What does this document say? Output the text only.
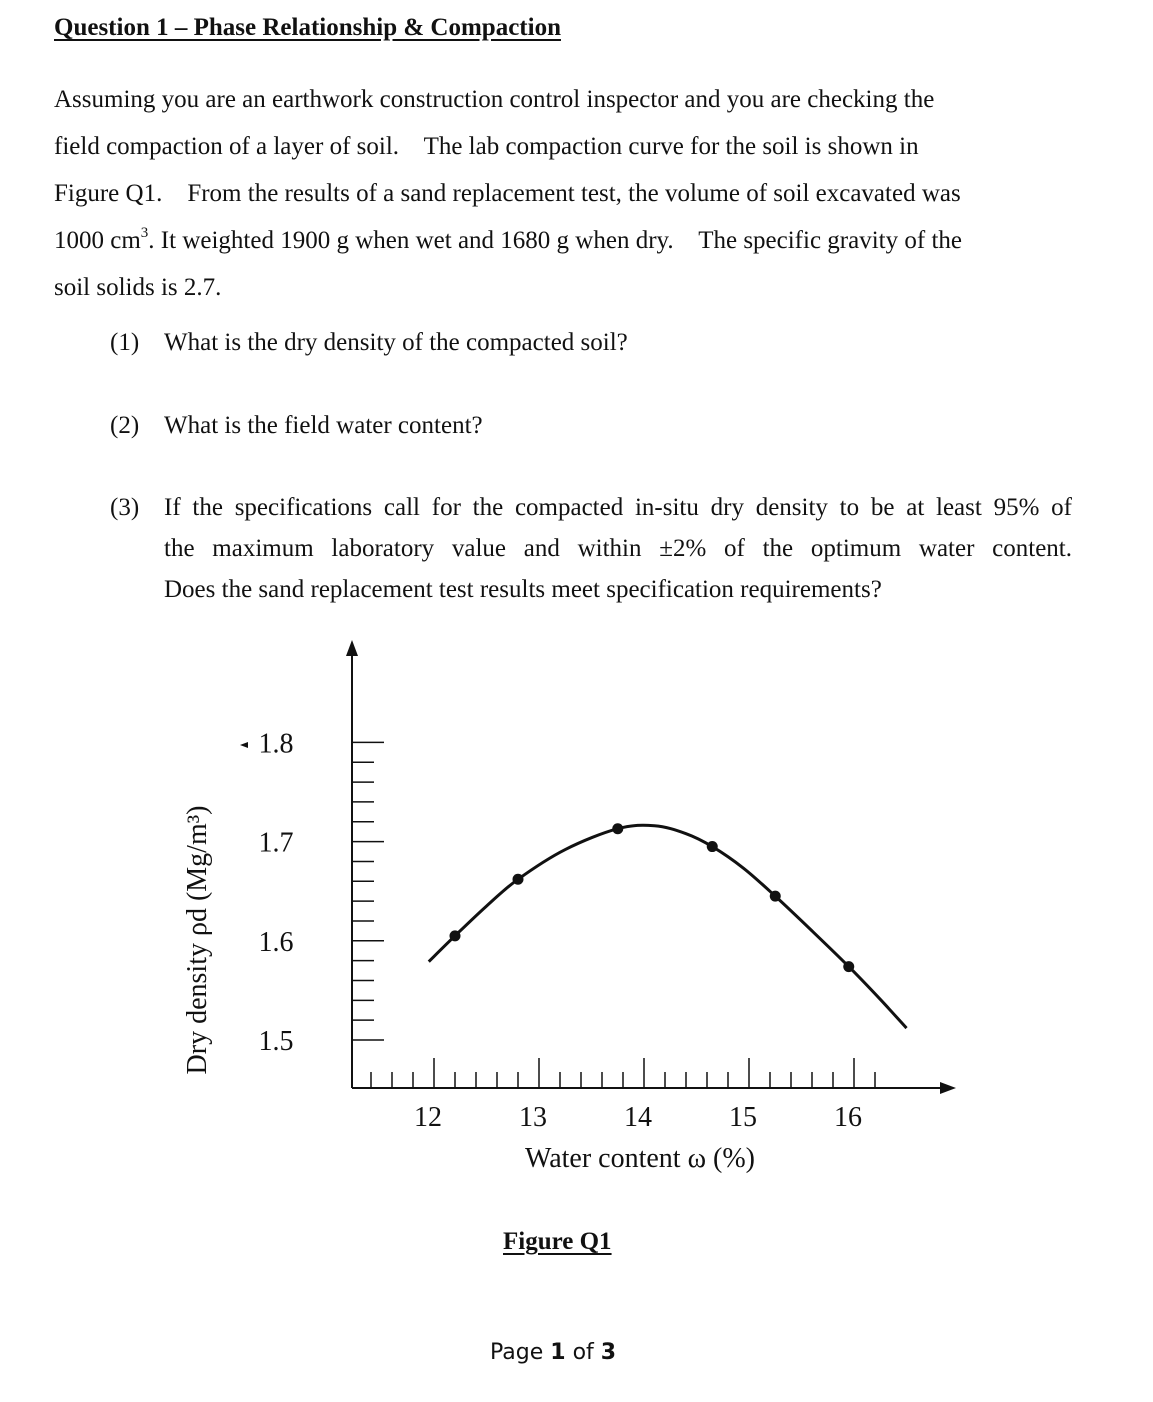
Question 1 – Phase Relationship & Compaction
Assuming you are an earthwork construction control inspector and you are checking the
field compaction of a layer of soil.    The lab compaction curve for the soil is shown in
Figure Q1.    From the results of a sand replacement test, the volume of soil excavated was
1000 $cm^3$. It weighted 1900 g when wet and 1680 g when dry.    The specific gravity of the
soil solids is 2.7.
(1) What is the dry density of the compacted soil?
(2) What is the field water content?
(3) If the specifications call for the compacted in-situ dry density to be at least 95% of
the maximum laboratory value and within ±2% of the optimum water content.
Does the sand replacement test results meet specification requirements?
1.8
1.7
1.6
1.5
12	13	14	15	16
Water content ω (%)
Dry density ρd (Mg/m³)
Figure Q1
Page 1 of 3
